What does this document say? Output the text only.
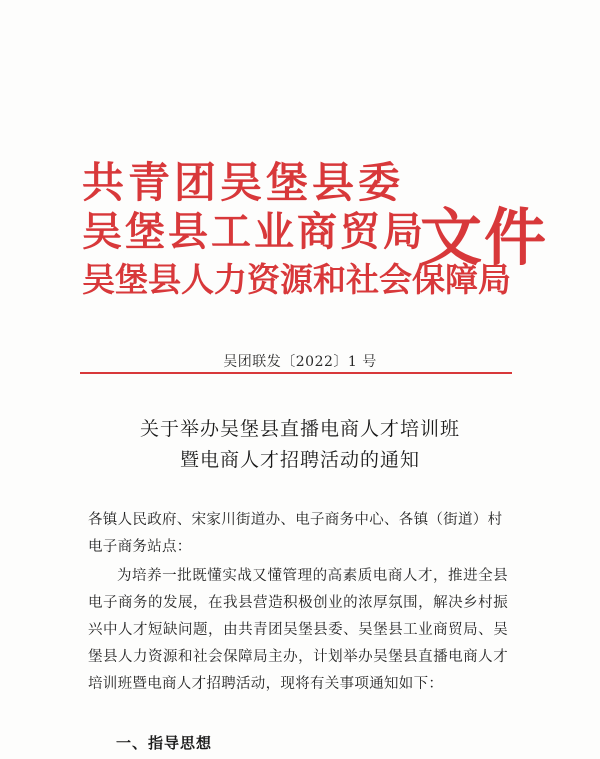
共青团吴堡县委
吴堡县工业商贸局
吴堡县人力资源和社会保障局
文件
吴团联发〔2022〕1 号
关于举办吴堡县直播电商人才培训班
暨电商人才招聘活动的通知
各镇人民政府、宋家川街道办、电子商务中心、各镇（街道）村电子商务站点：
为培养一批既懂实战又懂管理的高素质电商人才，推进全县电子商务的发展，在我县营造积极创业的浓厚氛围，解决乡村振兴中人才短缺问题，由共青团吴堡县委、吴堡县工业商贸局、吴堡县人力资源和社会保障局主办，计划举办吴堡县直播电商人才培训班暨电商人才招聘活动，现将有关事项通知如下：
一、指导思想
